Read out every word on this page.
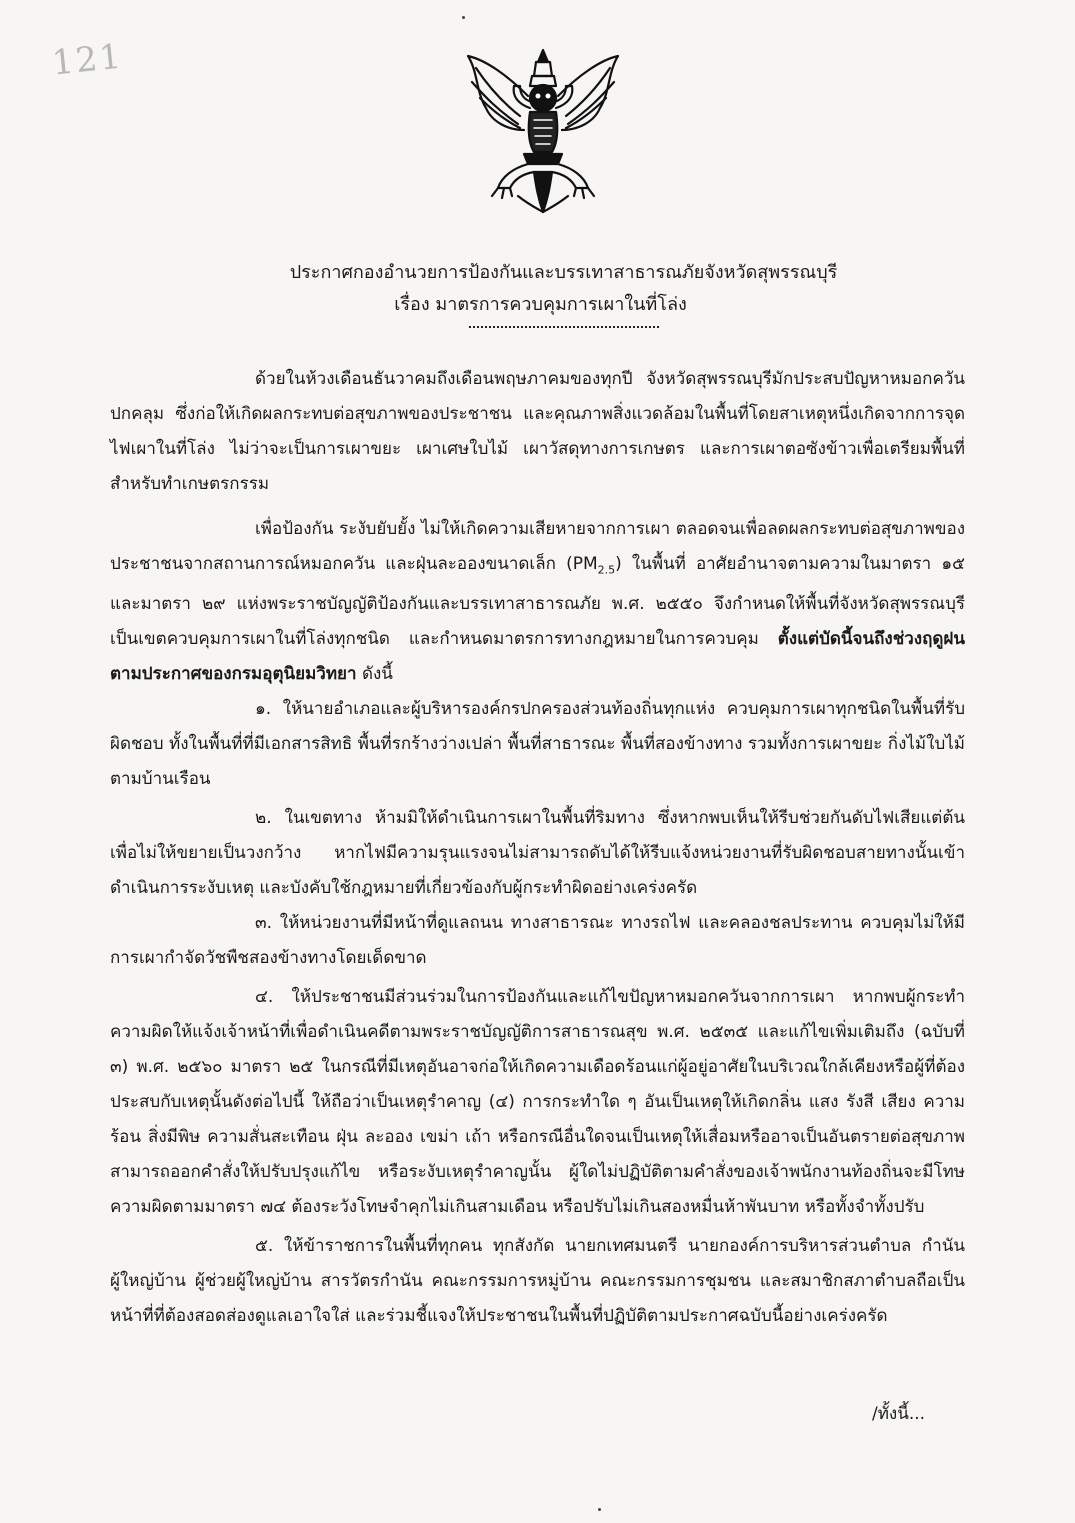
121
ประกาศกองอำนวยการป้องกันและบรรเทาสาธารณภัยจังหวัดสุพรรณบุรี
เรื่อง มาตรการควบคุมการเผาในที่โล่ง

ด้วยในห้วงเดือนธันวาคมถึงเดือนพฤษภาคมของทุกปี จังหวัดสุพรรณบุรีมักประสบปัญหาหมอกควันปกคลุม ซึ่งก่อให้เกิดผลกระทบต่อสุขภาพของประชาชน และคุณภาพสิ่งแวดล้อมในพื้นที่โดยสาเหตุหนึ่งเกิดจากการจุดไฟเผาในที่โล่ง ไม่ว่าจะเป็นการเผาขยะ เผาเศษใบไม้ เผาวัสดุทางการเกษตร และการเผาตอซังข้าวเพื่อเตรียมพื้นที่สำหรับทำเกษตรกรรม

เพื่อป้องกัน ระงับยับยั้ง ไม่ให้เกิดความเสียหายจากการเผา ตลอดจนเพื่อลดผลกระทบต่อสุขภาพของประชาชนจากสถานการณ์หมอกควัน และฝุ่นละอองขนาดเล็ก $(PM_{2.5})$ ในพื้นที่ อาศัยอำนาจตามความในมาตรา ๑๕ และมาตรา ๒๙ แห่งพระราชบัญญัติป้องกันและบรรเทาสาธารณภัย พ.ศ. ๒๕๕๐ จึงกำหนดให้พื้นที่จังหวัดสุพรรณบุรีเป็นเขตควบคุมการเผาในที่โล่งทุกชนิด และกำหนดมาตรการทางกฎหมายในการควบคุม ตั้งแต่บัดนี้จนถึงช่วงฤดูฝนตามประกาศของกรมอุตุนิยมวิทยา ดังนี้

๑. ให้นายอำเภอและผู้บริหารองค์กรปกครองส่วนท้องถิ่นทุกแห่ง ควบคุมการเผาทุกชนิดในพื้นที่รับผิดชอบ ทั้งในพื้นที่ที่มีเอกสารสิทธิ พื้นที่รกร้างว่างเปล่า พื้นที่สาธารณะ พื้นที่สองข้างทาง รวมทั้งการเผาขยะ กิ่งไม้ใบไม้ตามบ้านเรือน

๒. ในเขตทาง ห้ามมิให้ดำเนินการเผาในพื้นที่ริมทาง ซึ่งหากพบเห็นให้รีบช่วยกันดับไฟเสียแต่ต้นเพื่อไม่ให้ขยายเป็นวงกว้าง หากไฟมีความรุนแรงจนไม่สามารถดับได้ให้รีบแจ้งหน่วยงานที่รับผิดชอบสายทางนั้นเข้าดำเนินการระงับเหตุ และบังคับใช้กฎหมายที่เกี่ยวข้องกับผู้กระทำผิดอย่างเคร่งครัด

๓. ให้หน่วยงานที่มีหน้าที่ดูแลถนน ทางสาธารณะ ทางรถไฟ และคลองชลประทาน ควบคุมไม่ให้มีการเผากำจัดวัชพืชสองข้างทางโดยเด็ดขาด

๔. ให้ประชาชนมีส่วนร่วมในการป้องกันและแก้ไขปัญหาหมอกควันจากการเผา หากพบผู้กระทำความผิดให้แจ้งเจ้าหน้าที่เพื่อดำเนินคดีตามพระราชบัญญัติการสาธารณสุข พ.ศ. ๒๕๓๕ และแก้ไขเพิ่มเติมถึง (ฉบับที่ ๓) พ.ศ. ๒๕๖๐ มาตรา ๒๕ ในกรณีที่มีเหตุอันอาจก่อให้เกิดความเดือดร้อนแก่ผู้อยู่อาศัยในบริเวณใกล้เคียงหรือผู้ที่ต้องประสบกับเหตุนั้นดังต่อไปนี้ ให้ถือว่าเป็นเหตุรำคาญ (๔) การกระทำใด ๆ อันเป็นเหตุให้เกิดกลิ่น แสง รังสี เสียง ความร้อน สิ่งมีพิษ ความสั่นสะเทือน ฝุ่น ละออง เขม่า เถ้า หรือกรณีอื่นใดจนเป็นเหตุให้เสื่อมหรืออาจเป็นอันตรายต่อสุขภาพ สามารถออกคำสั่งให้ปรับปรุงแก้ไข หรือระงับเหตุรำคาญนั้น ผู้ใดไม่ปฏิบัติตามคำสั่งของเจ้าพนักงานท้องถิ่นจะมีโทษความผิดตามมาตรา ๗๔ ต้องระวังโทษจำคุกไม่เกินสามเดือน หรือปรับไม่เกินสองหมื่นห้าพันบาท หรือทั้งจำทั้งปรับ

๕. ให้ข้าราชการในพื้นที่ทุกคน ทุกสังกัด นายกเทศมนตรี นายกองค์การบริหารส่วนตำบล กำนัน ผู้ใหญ่บ้าน ผู้ช่วยผู้ใหญ่บ้าน สารวัตรกำนัน คณะกรรมการหมู่บ้าน คณะกรรมการชุมชน และสมาชิกสภาตำบลถือเป็นหน้าที่ที่ต้องสอดส่องดูแลเอาใจใส่ และร่วมชี้แจงให้ประชาชนในพื้นที่ปฏิบัติตามประกาศฉบับนี้อย่างเคร่งครัด

/ทั้งนี้...
